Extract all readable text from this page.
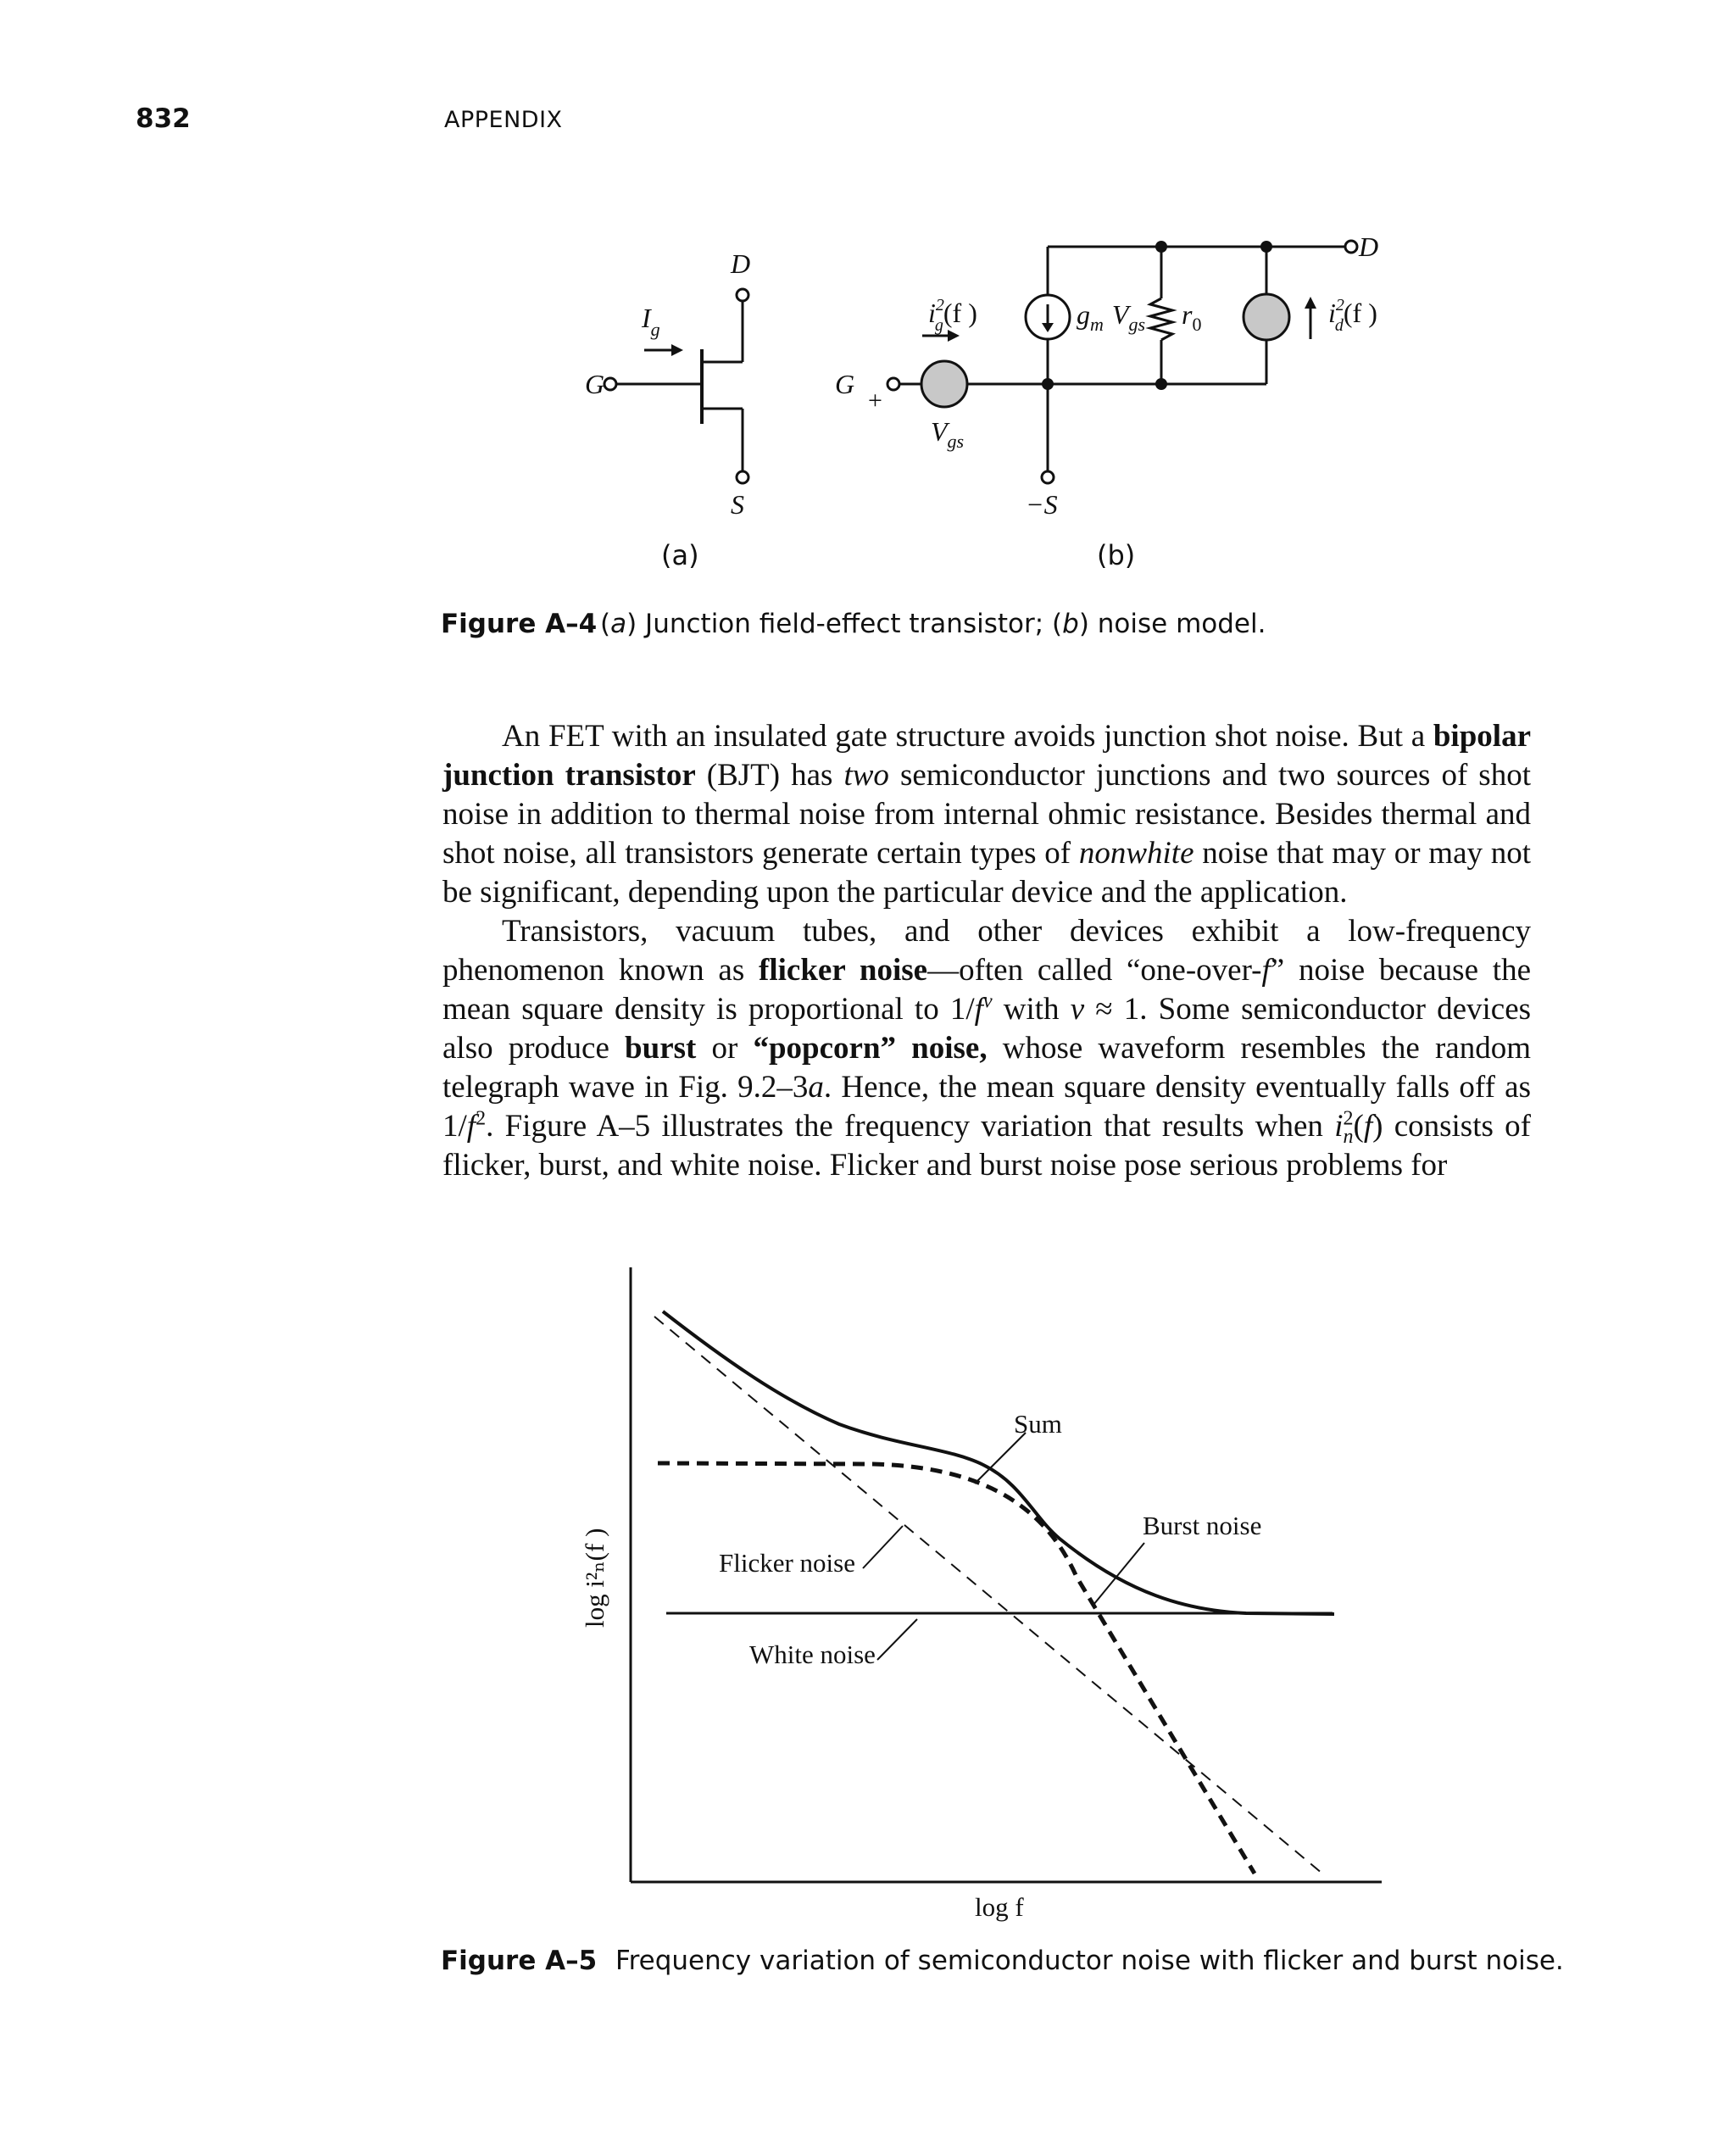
832	APPENDIX
G
D
S
$I_g$
G
+
D
−S
$i^2$ g(f )	$i^2$ d(f )
$g_m$ $V_{gs}$ $r_0$
$V_{gs}$
(a)	(b)
Figure A–4 (a) Junction field-effect transistor; (b) noise model.

An FET with an insulated gate structure avoids junction shot noise. But a bipolar junction transistor (BJT) has two semiconductor junctions and two sources of shot noise in addition to thermal noise from internal ohmic resistance. Besides thermal and shot noise, all transistors generate certain types of nonwhite noise that may or may not be significant, depending upon the particular device and the application.

Transistors, vacuum tubes, and other devices exhibit a low-frequency phenomenon known as flicker noise—often called “one-over-f” noise because the mean square density is proportional to $1/f^\nu$ with ν ≈ 1. Some semiconductor devices also produce burst or “popcorn” noise, whose waveform resembles the random telegraph wave in Fig. 9.2–3a. Hence, the mean square density eventually falls off as $1/f^2$. Figure A–5 illustrates the frequency variation that results when $i^2_n(f)$ consists of flicker, burst, and white noise. Flicker and burst noise pose serious problems for

Sum
Burst noise
Flicker noise
White noise
log f
log i²ₙ(f )
Figure A–5 Frequency variation of semiconductor noise with flicker and burst noise.
